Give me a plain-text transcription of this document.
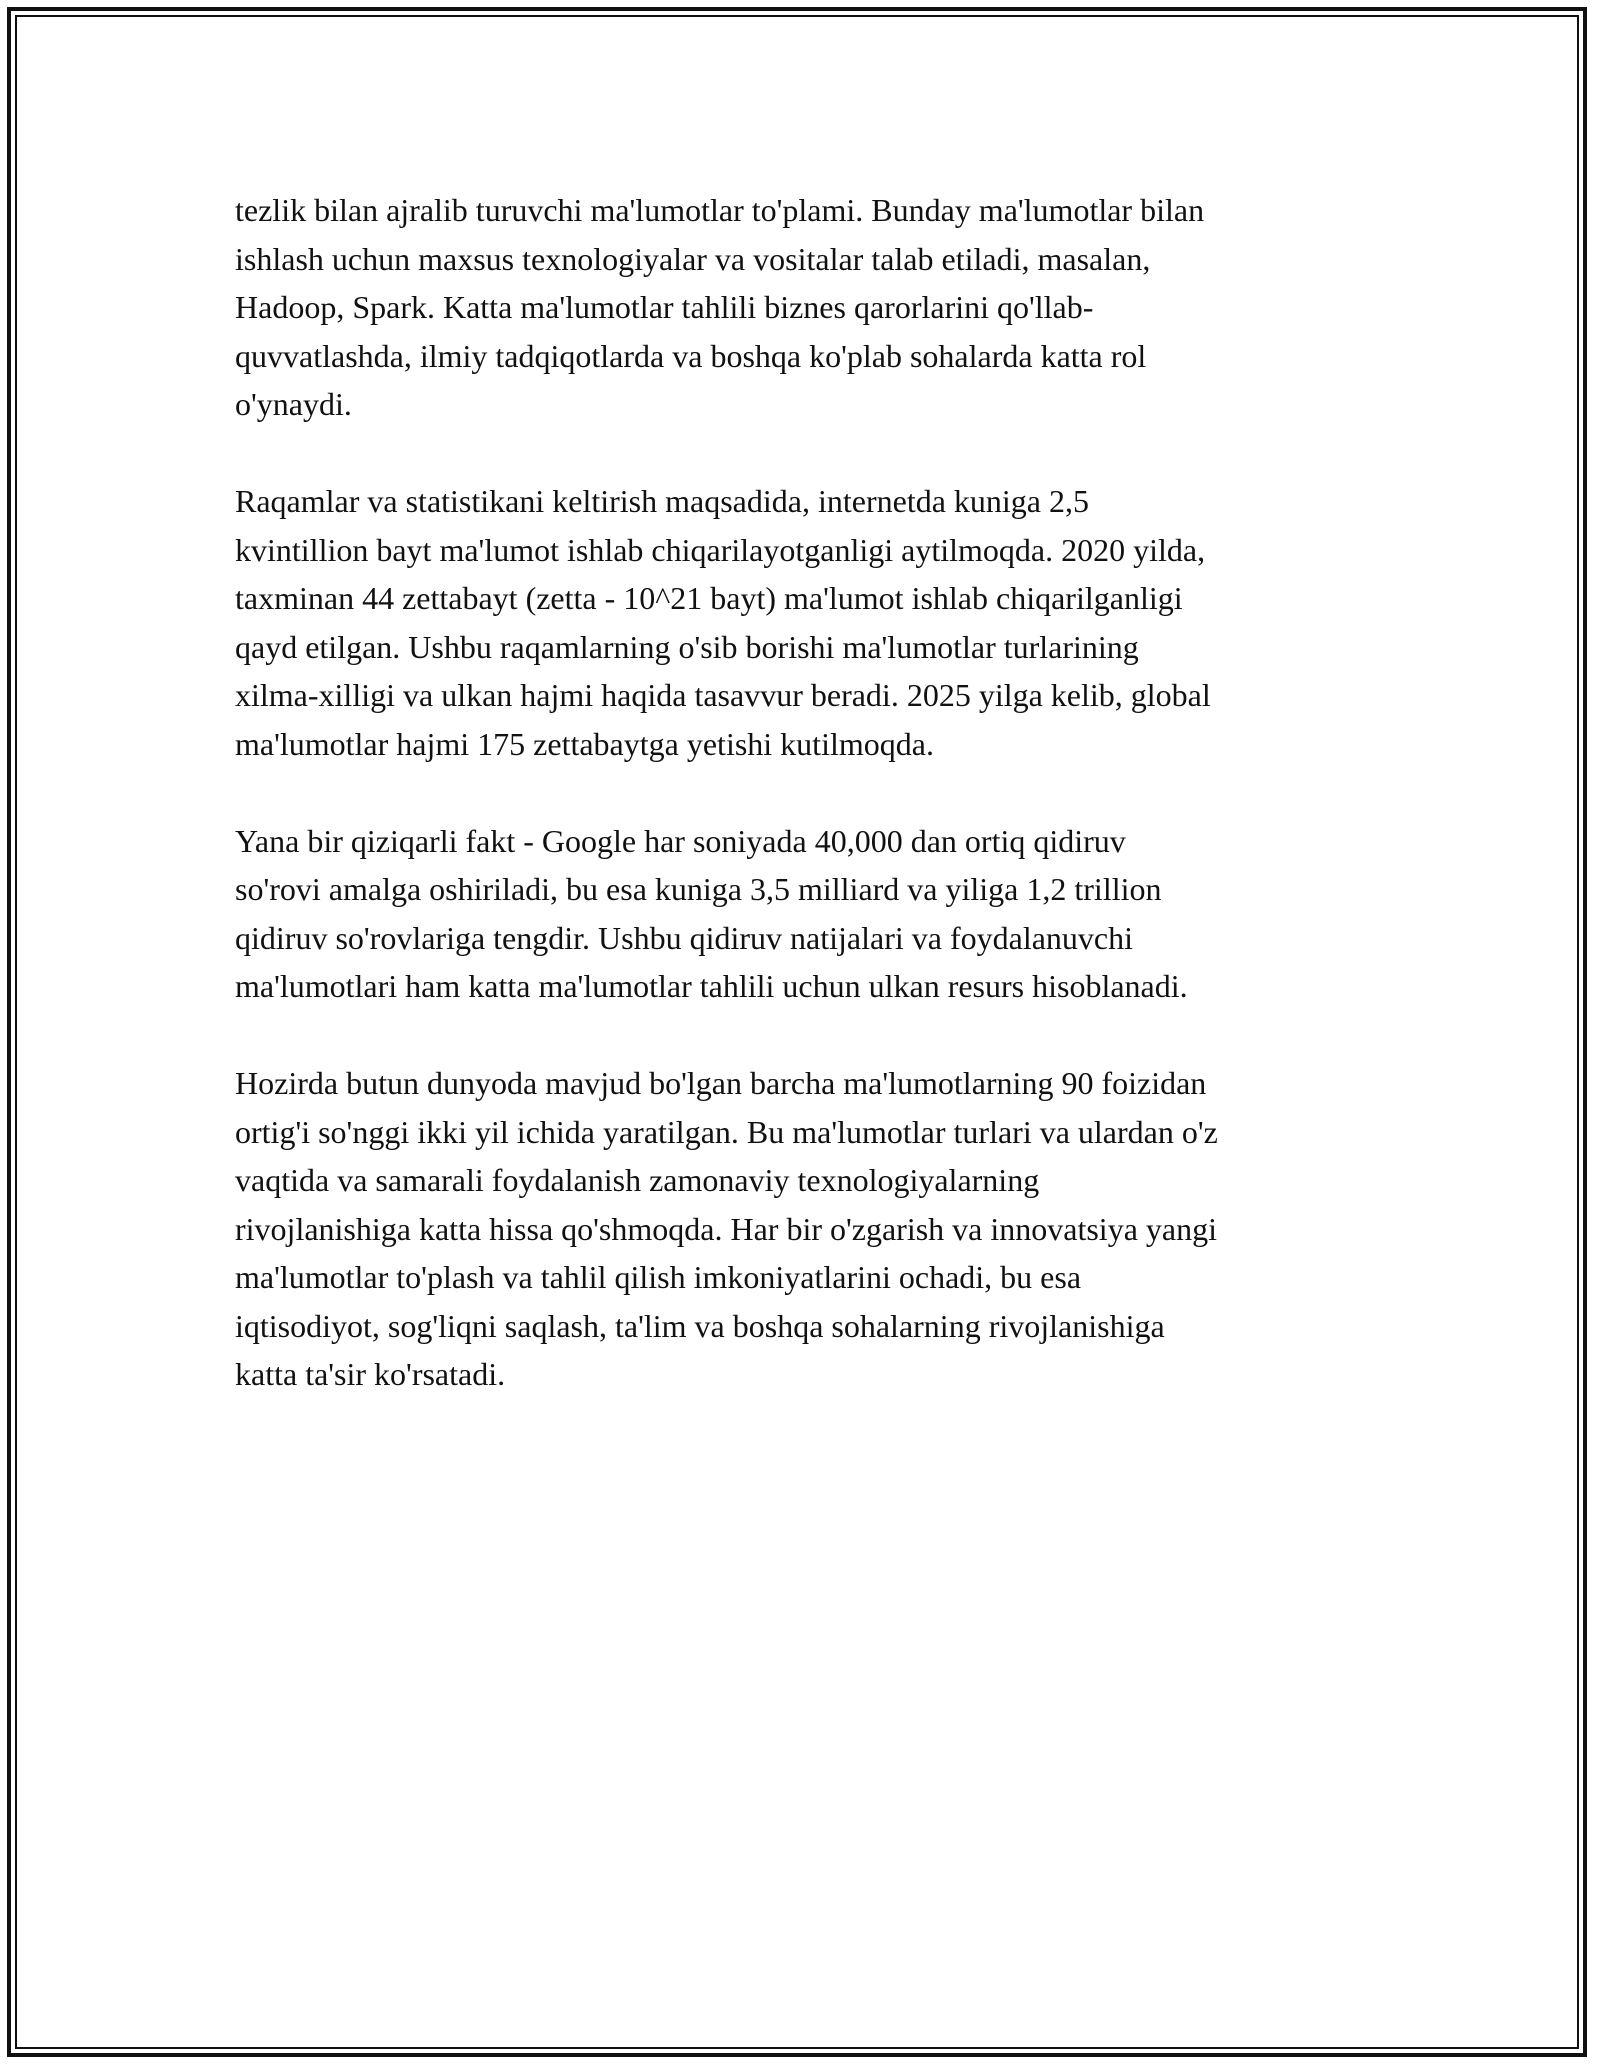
tezlik bilan ajralib turuvchi ma'lumotlar to'plami. Bunday ma'lumotlar bilan
ishlash uchun maxsus texnologiyalar va vositalar talab etiladi, masalan,
Hadoop, Spark. Katta ma'lumotlar tahlili biznes qarorlarini qo'llab-
quvvatlashda, ilmiy tadqiqotlarda va boshqa ko'plab sohalarda katta rol
o'ynaydi.

Raqamlar va statistikani keltirish maqsadida, internetda kuniga 2,5
kvintillion bayt ma'lumot ishlab chiqarilayotganligi aytilmoqda. 2020 yilda,
taxminan 44 zettabayt (zetta - 10^21 bayt) ma'lumot ishlab chiqarilganligi
qayd etilgan. Ushbu raqamlarning o'sib borishi ma'lumotlar turlarining
xilma-xilligi va ulkan hajmi haqida tasavvur beradi. 2025 yilga kelib, global
ma'lumotlar hajmi 175 zettabaytga yetishi kutilmoqda.

Yana bir qiziqarli fakt - Google har soniyada 40,000 dan ortiq qidiruv
so'rovi amalga oshiriladi, bu esa kuniga 3,5 milliard va yiliga 1,2 trillion
qidiruv so'rovlariga tengdir. Ushbu qidiruv natijalari va foydalanuvchi
ma'lumotlari ham katta ma'lumotlar tahlili uchun ulkan resurs hisoblanadi.

Hozirda butun dunyoda mavjud bo'lgan barcha ma'lumotlarning 90 foizidan
ortig'i so'nggi ikki yil ichida yaratilgan. Bu ma'lumotlar turlari va ulardan o'z
vaqtida va samarali foydalanish zamonaviy texnologiyalarning
rivojlanishiga katta hissa qo'shmoqda. Har bir o'zgarish va innovatsiya yangi
ma'lumotlar to'plash va tahlil qilish imkoniyatlarini ochadi, bu esa
iqtisodiyot, sog'liqni saqlash, ta'lim va boshqa sohalarning rivojlanishiga
katta ta'sir ko'rsatadi.
